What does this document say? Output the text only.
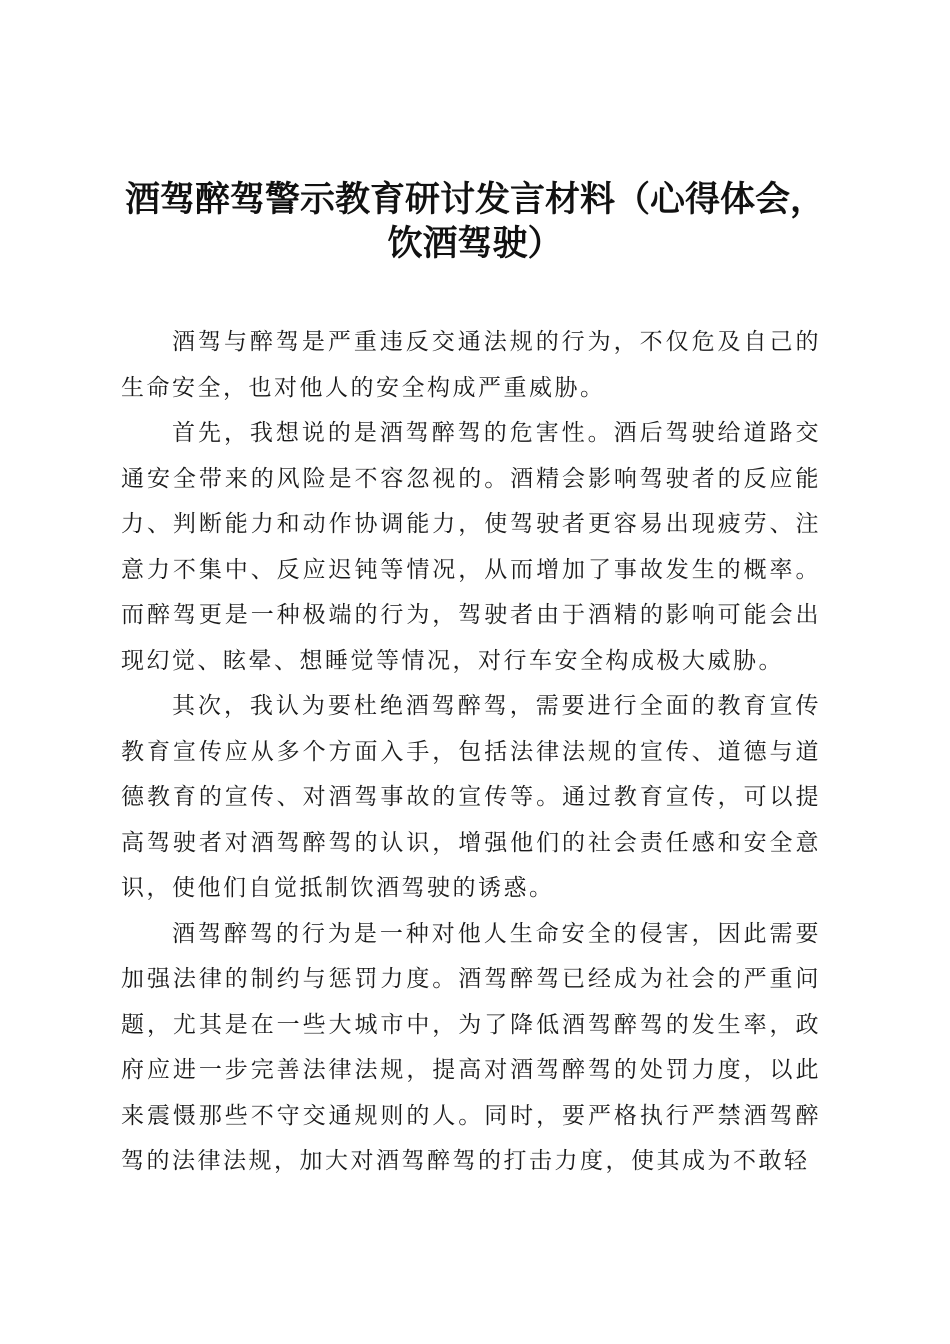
酒驾醉驾警示教育研讨发言材料（心得体会，
饮酒驾驶）

酒驾与醉驾是严重违反交通法规的行为，不仅危及自己的生命安全，也对他人的安全构成严重威胁。

首先，我想说的是酒驾醉驾的危害性。酒后驾驶给道路交通安全带来的风险是不容忽视的。酒精会影响驾驶者的反应能力、判断能力和动作协调能力，使驾驶者更容易出现疲劳、注意力不集中、反应迟钝等情况，从而增加了事故发生的概率。而醉驾更是一种极端的行为，驾驶者由于酒精的影响可能会出现幻觉、眩晕、想睡觉等情况，对行车安全构成极大威胁。

其次，我认为要杜绝酒驾醉驾，需要进行全面的教育宣传教育宣传应从多个方面入手，包括法律法规的宣传、道德与道德教育的宣传、对酒驾事故的宣传等。通过教育宣传，可以提高驾驶者对酒驾醉驾的认识，增强他们的社会责任感和安全意识，使他们自觉抵制饮酒驾驶的诱惑。

酒驾醉驾的行为是一种对他人生命安全的侵害，因此需要加强法律的制约与惩罚力度。酒驾醉驾已经成为社会的严重问题，尤其是在一些大城市中，为了降低酒驾醉驾的发生率，政府应进一步完善法律法规，提高对酒驾醉驾的处罚力度，以此来震慑那些不守交通规则的人。同时，要严格执行严禁酒驾醉驾的法律法规，加大对酒驾醉驾的打击力度，使其成为不敢轻
